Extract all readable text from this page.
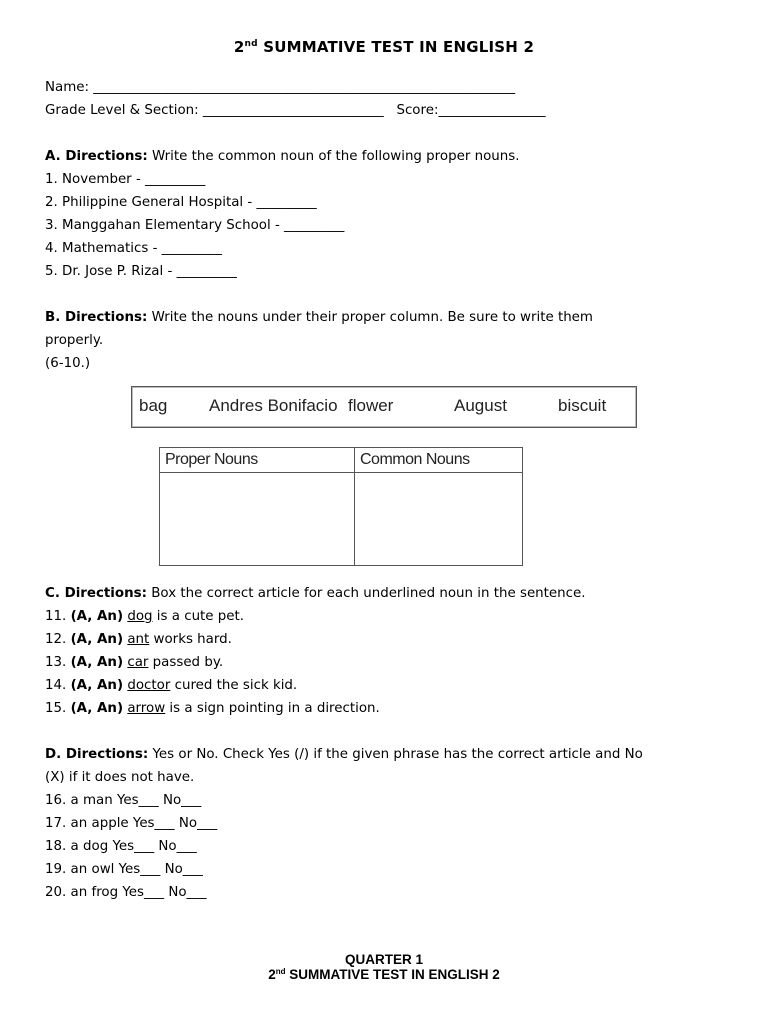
2nd SUMMATIVE TEST IN ENGLISH 2
Name: _______________________________________________________________
Grade Level & Section: ___________________________   Score:________________
A. Directions: Write the common noun of the following proper nouns.
1. November - _________
2. Philippine General Hospital - _________
3. Manggahan Elementary School - _________
4. Mathematics - _________
5. Dr. Jose P. Rizal - _________
B. Directions: Write the nouns under their proper column. Be sure to write them
properly.
(6-10.)
bag Andres Bonifacio flower	August	biscuit
Proper Nouns	Common Nouns
C. Directions: Box the correct article for each underlined noun in the sentence.
11. (A, An) dog is a cute pet.
12. (A, An) ant works hard.
13. (A, An) car passed by.
14. (A, An) doctor cured the sick kid.
15. (A, An) arrow is a sign pointing in a direction.
D. Directions: Yes or No. Check Yes (/) if the given phrase has the correct article and No
(X) if it does not have.
16. a man Yes___ No___
17. an apple Yes___ No___
18. a dog Yes___ No___
19. an owl Yes___ No___
20. an frog Yes___ No___
QUARTER 1
2nd SUMMATIVE TEST IN ENGLISH 2
